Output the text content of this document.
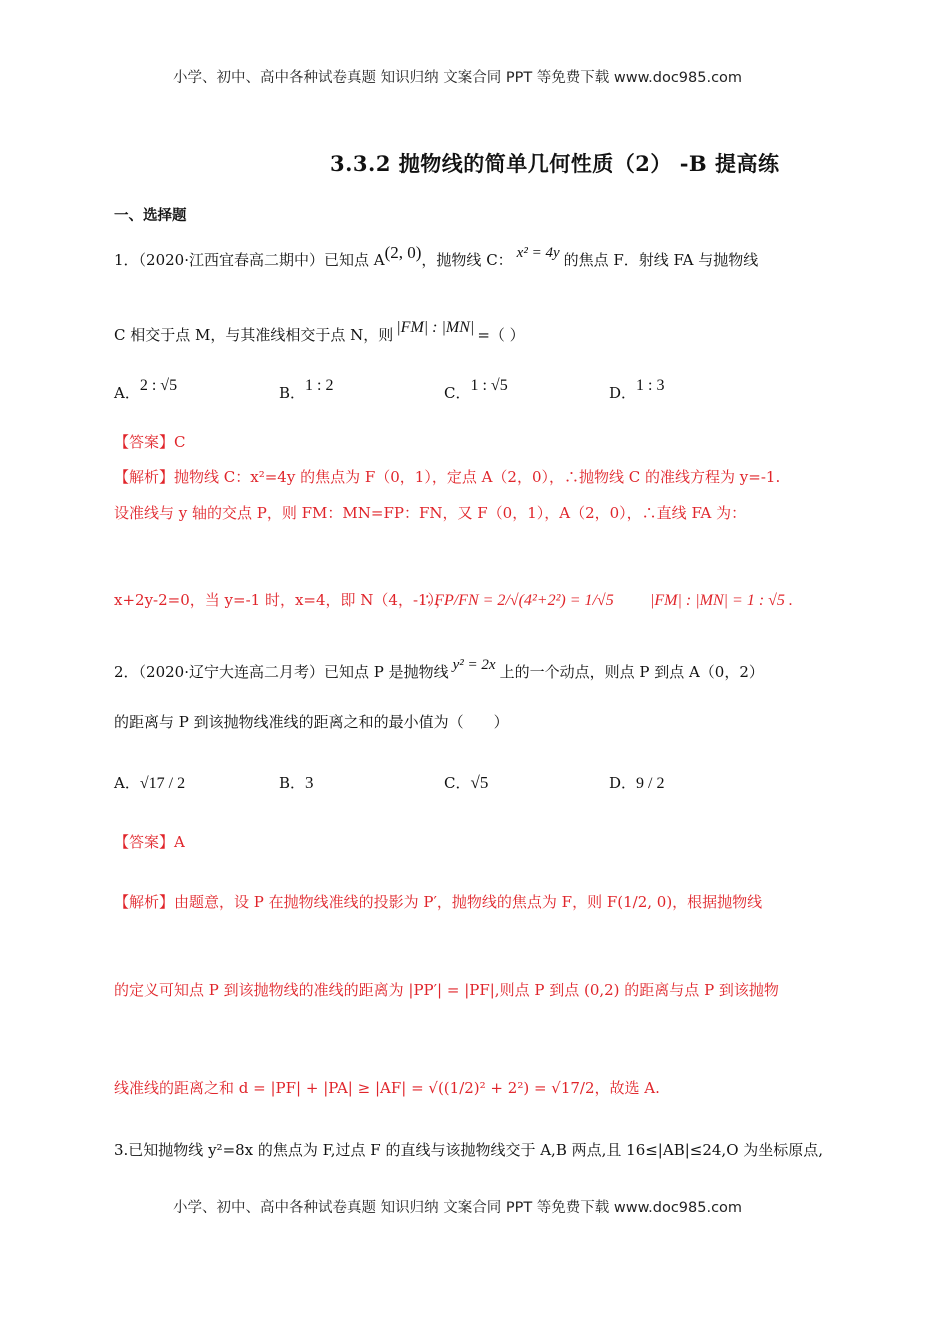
小学、初中、高中各种试卷真题 知识归纳 文案合同 PPT 等免费下载 www.doc985.com
3.3.2 抛物线的简单几何性质（2） -B 提高练
一、选择题
1．（2020·江西宜春高二期中）已知点 A(2, 0)，抛物线 C： x² = 4y 的焦点 F．射线 FA 与抛物线
C 相交于点 M，与其准线相交于点 N，则 |FM| : |MN| =（ ）
A．2 : √5	B．1 : 2	C．1 : √5	D．1 : 3
【答案】C
【解析】抛物线 C：x²=4y 的焦点为 F（0，1），定点 A（2，0），∴抛物线 C 的准线方程为 y=-1.
设准线与 y 轴的交点 P，则 FM：MN=FP：FN，又 F（0，1），A（2，0），∴直线 FA 为：
x+2y-2=0，当 y=-1 时，x=4，即 N（4，-1），
∴ FP/FN = 2/√(4²+2²) = 1/√5 |FM| : |MN| = 1 : √5 .
2．（2020·辽宁大连高二月考）已知点 P 是抛物线 y² = 2x 上的一个动点，则点 P 到点 A（0，2）
的距离与 P 到该抛物线准线的距离之和的最小值为（　　）
A．√17 / 2	B．3	C．√5	D．9 / 2
【答案】A
【解析】由题意，设 P 在抛物线准线的投影为 P′，抛物线的焦点为 F，则 F(1/2, 0)，根据抛物线
的定义可知点 P 到该抛物线的准线的距离为 |PP′| = |PF|,则点 P 到点 (0,2) 的距离与点 P 到该抛物
线准线的距离之和 d = |PF| + |PA| ≥ |AF| = √((1/2)² + 2²) = √17/2，故选 A.
3.已知抛物线 y²=8x 的焦点为 F,过点 F 的直线与该抛物线交于 A,B 两点,且 16≤|AB|≤24,O 为坐标原点,
小学、初中、高中各种试卷真题 知识归纳 文案合同 PPT 等免费下载 www.doc985.com
